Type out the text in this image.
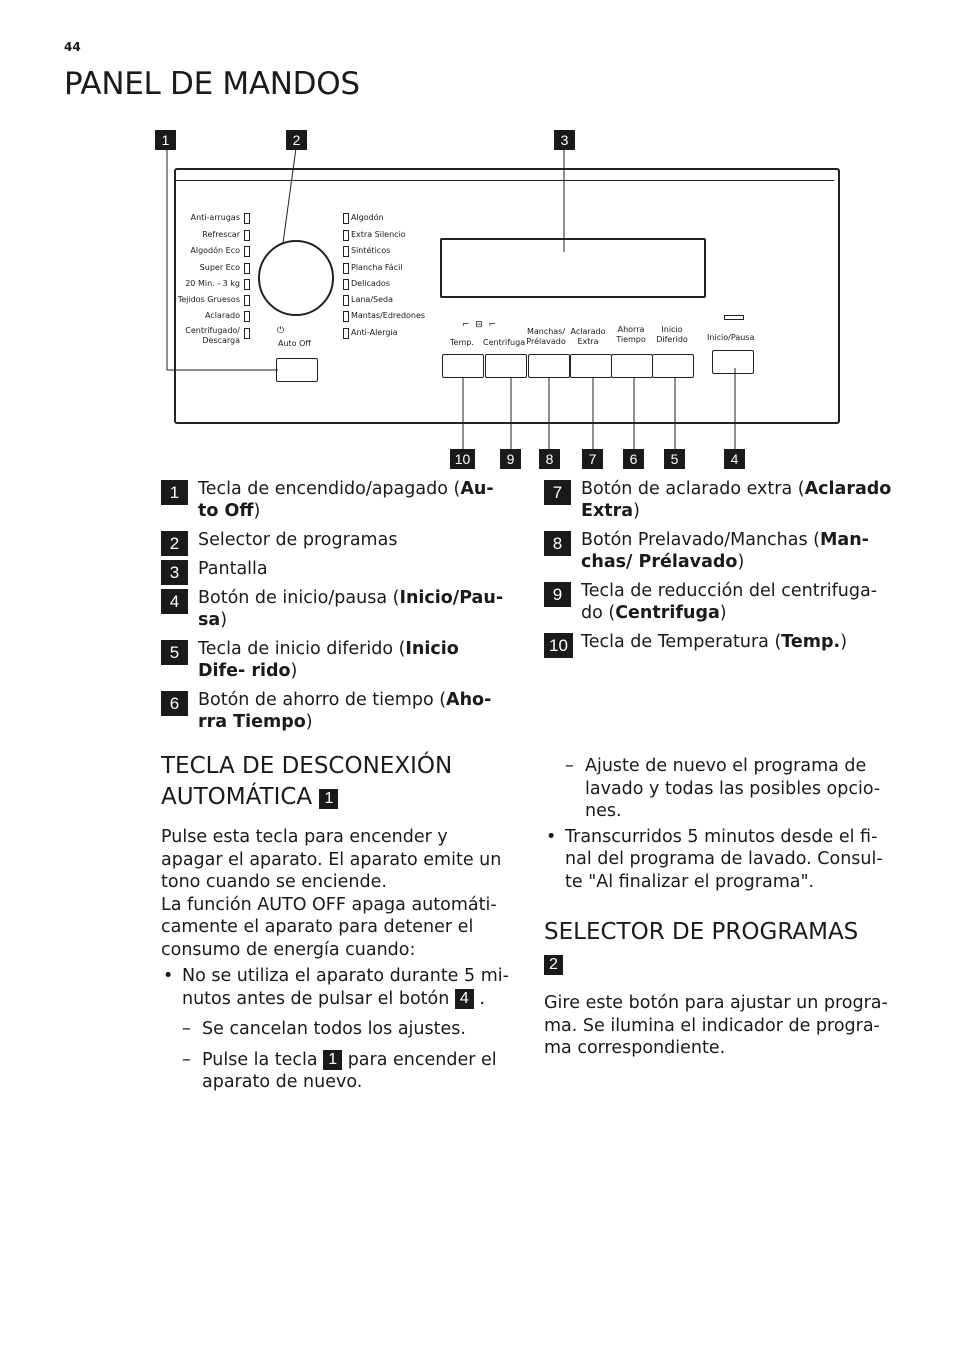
44
PANEL DE MANDOS
1	2	3
Anti-arrugas
Refrescar
Algodón Eco
Super Eco
20 Min. - 3 kg
Tejidos Gruesos
Aclarado
Centrifugado/ Descarga
⏻
Auto Off
Algodón
Extra Silencio
Sintéticos
Plancha Fácil
Delicados
Lana/Seda
Mantas/Edredones
Anti-Alergia
⌐  ⊟  ⌐
Temp. Centrifuga
Manchas/ Prélavado
Aclarado Extra
Ahorra Tiempo
Inicio Diferido	Inicio/Pausa
10	9	8	7	6	5	4
1	Tecla de encendido/apagado (Au- to Off)
2	Selector de programas
3	Pantalla
4	Botón de inicio/pausa (Inicio/Pau- sa)
5	Tecla de inicio diferido (Inicio Dife- rido)
6	Botón de ahorro de tiempo (Aho- rra Tiempo)
7	Botón de aclarado extra (Aclarado Extra)
8	Botón Prelavado/Manchas (Man- chas/ Prélavado)
9	Tecla de reducción del centrifuga- do (Centrifuga)
10 Tecla de Temperatura (Temp.)
TECLA DE DESCONEXIÓN AUTOMÁTICA 1

Pulse esta tecla para encender y apagar el aparato. El aparato emite un tono cuando se enciende.

La función AUTO OFF apaga automáti- camente el aparato para detener el consumo de energía cuando:

• No se utiliza el aparato durante 5 mi- nutos antes de pulsar el botón 4 .
– Se cancelan todos los ajustes.
– Pulse la tecla 1 para encender el aparato de nuevo.
– Ajuste de nuevo el programa de lavado y todas las posibles opcio- nes.
• Transcurridos 5 minutos desde el fi- nal del programa de lavado. Consul- te "Al finalizar el programa".
SELECTOR DE PROGRAMAS
2

Gire este botón para ajustar un progra- ma. Se ilumina el indicador de progra- ma correspondiente.
